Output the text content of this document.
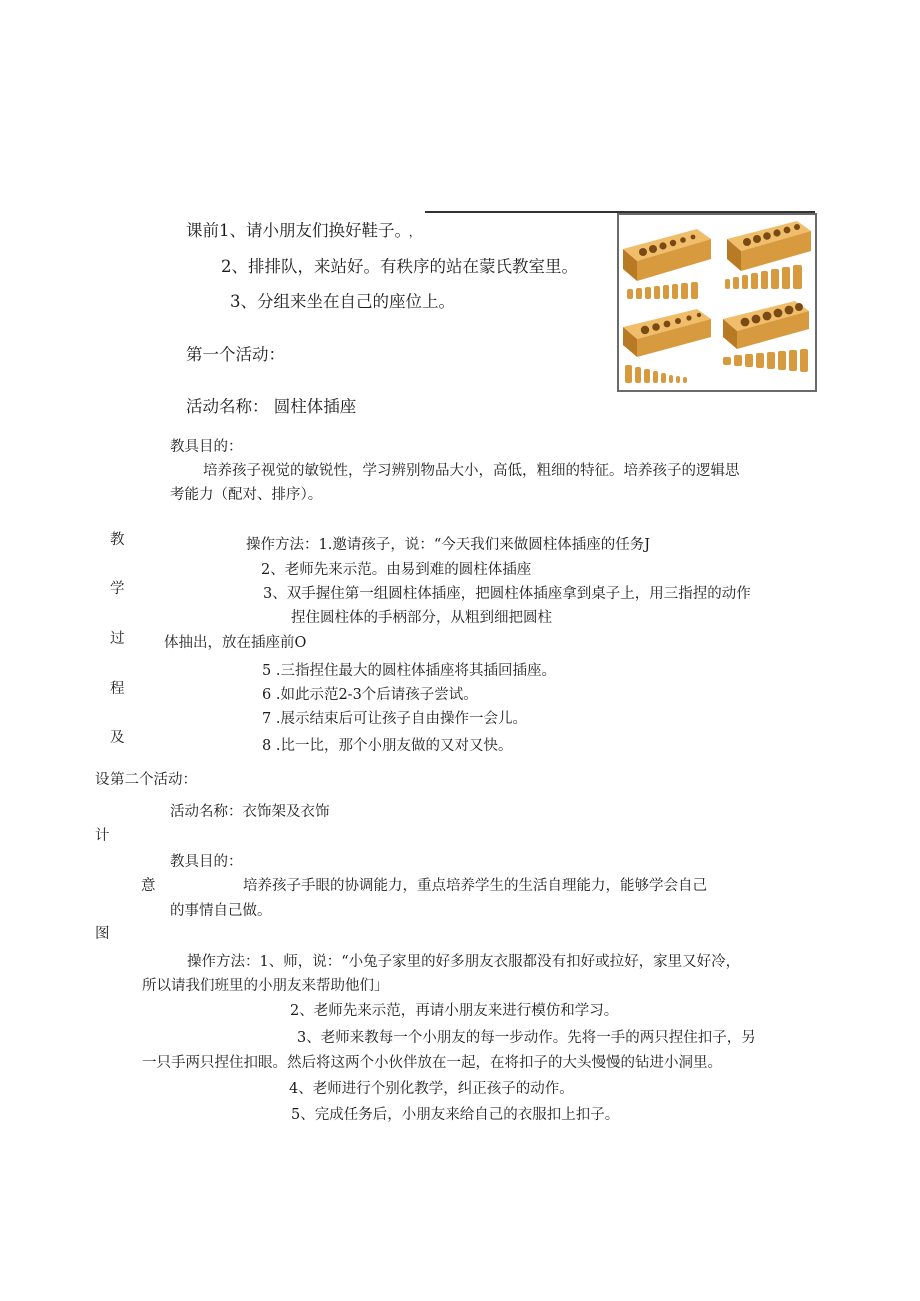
课前1、请小朋友们换好鞋子。 ，
2、排排队，来站好。有秩序的站在蒙氏教室里。
3、分组来坐在自己的座位上。
第一个活动：
活动名称： 圆柱体插座
教具目的：
培养孩子视觉的敏锐性，学习辨别物品大小，高低，粗细的特征。培养孩子的逻辑思
考能力（配对、排序）。
操作方法：1.邀请孩子，说：“今天我们来做圆柱体插座的任务J
2、老师先来示范。由易到难的圆柱体插座
3、双手握住第一组圆柱体插座，把圆柱体插座拿到桌子上，用三指捏的动作
捏住圆柱体的手柄部分，从粗到细把圆柱
体抽出，放在插座前O
5 .三指捏住最大的圆柱体插座将其插回插座。
6 .如此示范2-3个后请孩子尝试。
7 .展示结束后可让孩子自由操作一会儿。
8 .比一比，那个小朋友做的又对又快。
教
学
过
程
及
设
计
意
图
第二个活动：
活动名称：衣饰架及衣饰
教具目的：
培养孩子手眼的协调能力，重点培养学生的生活自理能力，能够学会自己
的事情自己做。
操作方法：1、师，说：“小兔子家里的好多朋友衣服都没有扣好或拉好，家里又好冷，
所以请我们班里的小朋友来帮助他们」
2、老师先来示范，再请小朋友来进行模仿和学习。
3、老师来教每一个小朋友的每一步动作。先将一手的两只捏住扣子，另
一只手两只捏住扣眼。然后将这两个小伙伴放在一起，在将扣子的大头慢慢的钻进小洞里。
4、老师进行个别化教学，纠正孩子的动作。
5、完成任务后，小朋友来给自己的衣服扣上扣子。
